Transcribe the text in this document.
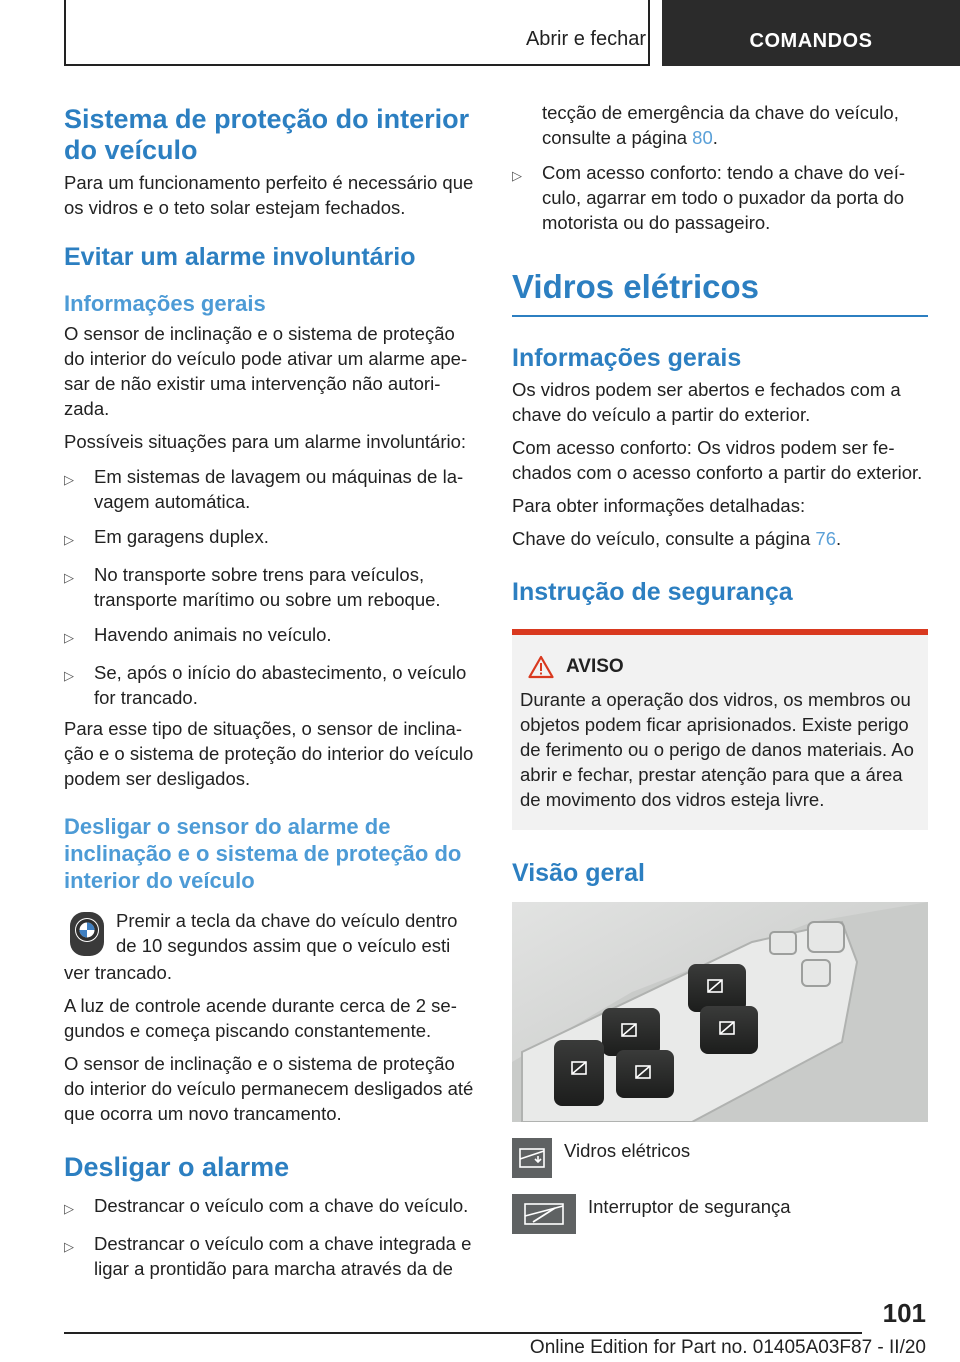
Abrir e fechar	COMANDOS
Sistema de proteção do interior do veículo
Para um funcionamento perfeito é necessário que os vidros e o teto solar estejam fechados.
Evitar um alarme involuntário
Informações gerais
O sensor de inclinação e o sistema de proteção do interior do veículo pode ativar um alarme apesar de não existir uma intervenção não autorizada.
Possíveis situações para um alarme involuntário:
▷	Em sistemas de lavagem ou máquinas de lavagem automática.
▷	Em garagens duplex.
▷	No transporte sobre trens para veículos, transporte marítimo ou sobre um reboque.
▷	Havendo animais no veículo.
▷	Se, após o início do abastecimento, o veículo for trancado.
Para esse tipo de situações, o sensor de inclinação e o sistema de proteção do interior do veículo podem ser desligados.
Desligar o sensor do alarme de inclinação e o sistema de proteção do interior do veículo
Premir a tecla da chave do veículo dentro
de 10 segundos assim que o veículo esti
ver trancado.
A luz de controle acende durante cerca de 2 segundos e começa piscando constantemente.
O sensor de inclinação e o sistema de proteção do interior do veículo permanecem desligados até que ocorra um novo trancamento.
Desligar o alarme
▷	Destrancar o veículo com a chave do veículo.
▷	Destrancar o veículo com a chave integrada e ligar a prontidão para marcha através da de
tecção de emergência da chave do veículo, consulte a página 80.
▷	Com acesso conforto: tendo a chave do veículo, agarrar em todo o puxador da porta do motorista ou do passageiro.
Vidros elétricos
Informações gerais
Os vidros podem ser abertos e fechados com a chave do veículo a partir do exterior.
Com acesso conforto: Os vidros podem ser fechados com o acesso conforto a partir do exterior.
Para obter informações detalhadas:
Chave do veículo, consulte a página 76.
Instrução de segurança
AVISO
Durante a operação dos vidros, os membros ou objetos podem ficar aprisionados. Existe perigo de ferimento ou o perigo de danos materiais. Ao abrir e fechar, prestar atenção para que a área de movimento dos vidros esteja livre.
Visão geral
Vidros elétricos
Interruptor de segurança
101
Online Edition for Part no. 01405A03F87 - II/20
